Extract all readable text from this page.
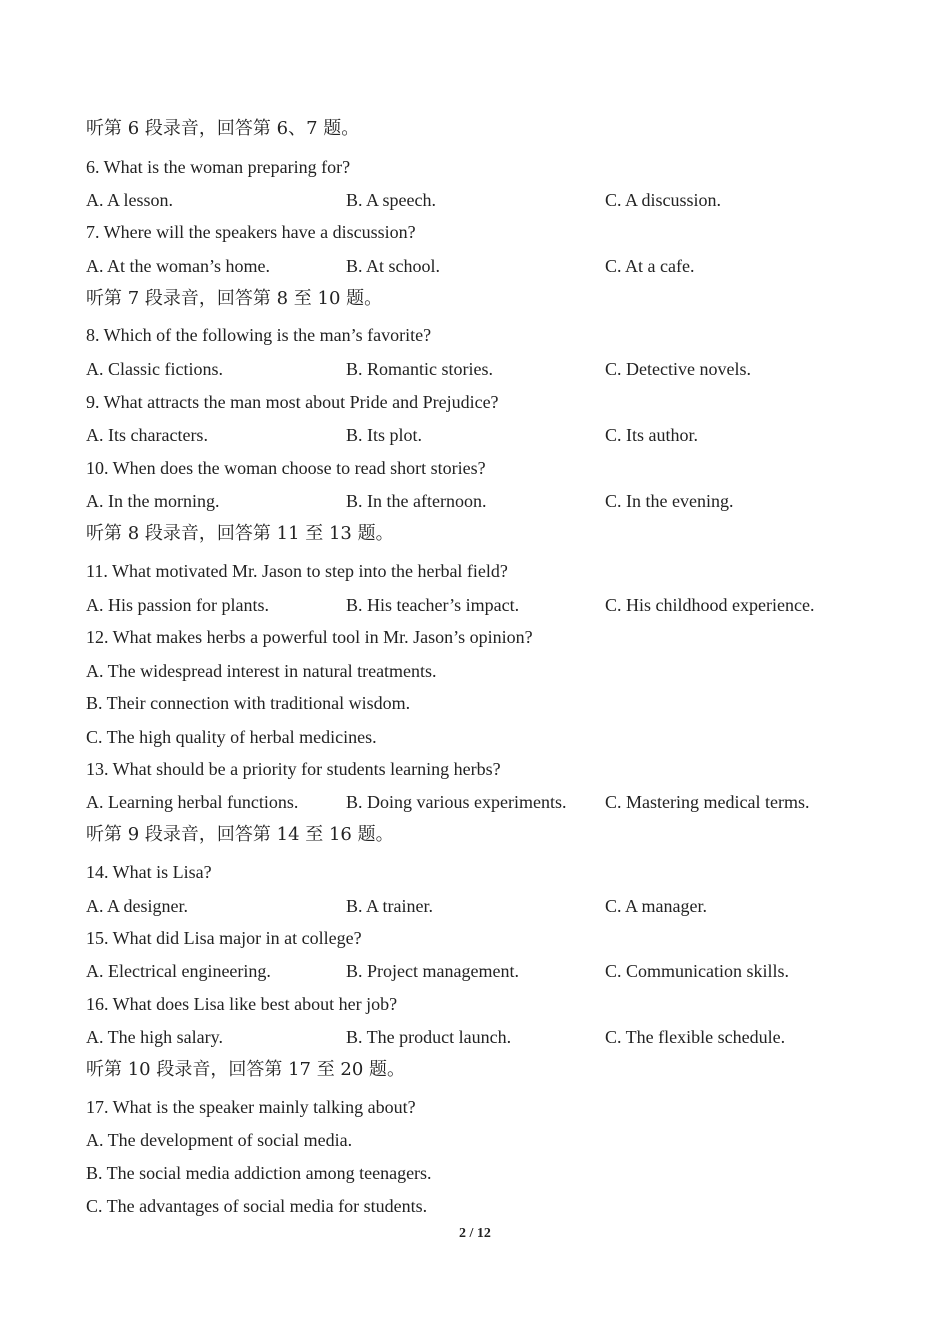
听第 6 段录音，回答第 6、7 题。
6. What is the woman preparing for?
A. A lesson.	B. A speech.	C. A discussion.
7. Where will the speakers have a discussion?
A. At the woman’s home.	B. At school.	C. At a cafe.
听第 7 段录音，回答第 8 至 10 题。
8. Which of the following is the man’s favorite?
A. Classic fictions.	B. Romantic stories.	C. Detective novels.
9. What attracts the man most about Pride and Prejudice?
A. Its characters.	B. Its plot.	C. Its author.
10. When does the woman choose to read short stories?
A. In the morning.	B. In the afternoon.	C. In the evening.
听第 8 段录音，回答第 11 至 13 题。
11. What motivated Mr. Jason to step into the herbal field?
A. His passion for plants.	B. His teacher’s impact.	C. His childhood experience.
12. What makes herbs a powerful tool in Mr. Jason’s opinion?
A. The widespread interest in natural treatments.
B. Their connection with traditional wisdom.
C. The high quality of herbal medicines.
13. What should be a priority for students learning herbs?
A. Learning herbal functions.	B. Doing various experiments. C. Mastering medical terms.
听第 9 段录音，回答第 14 至 16 题。
14. What is Lisa?
A. A designer.	B. A trainer.	C. A manager.
15. What did Lisa major in at college?
A. Electrical engineering.	B. Project management.	C. Communication skills.
16. What does Lisa like best about her job?
A. The high salary.	B. The product launch.	C. The flexible schedule.
听第 10 段录音，回答第 17 至 20 题。
17. What is the speaker mainly talking about?
A. The development of social media.
B. The social media addiction among teenagers.
C. The advantages of social media for students.
2 / 12
